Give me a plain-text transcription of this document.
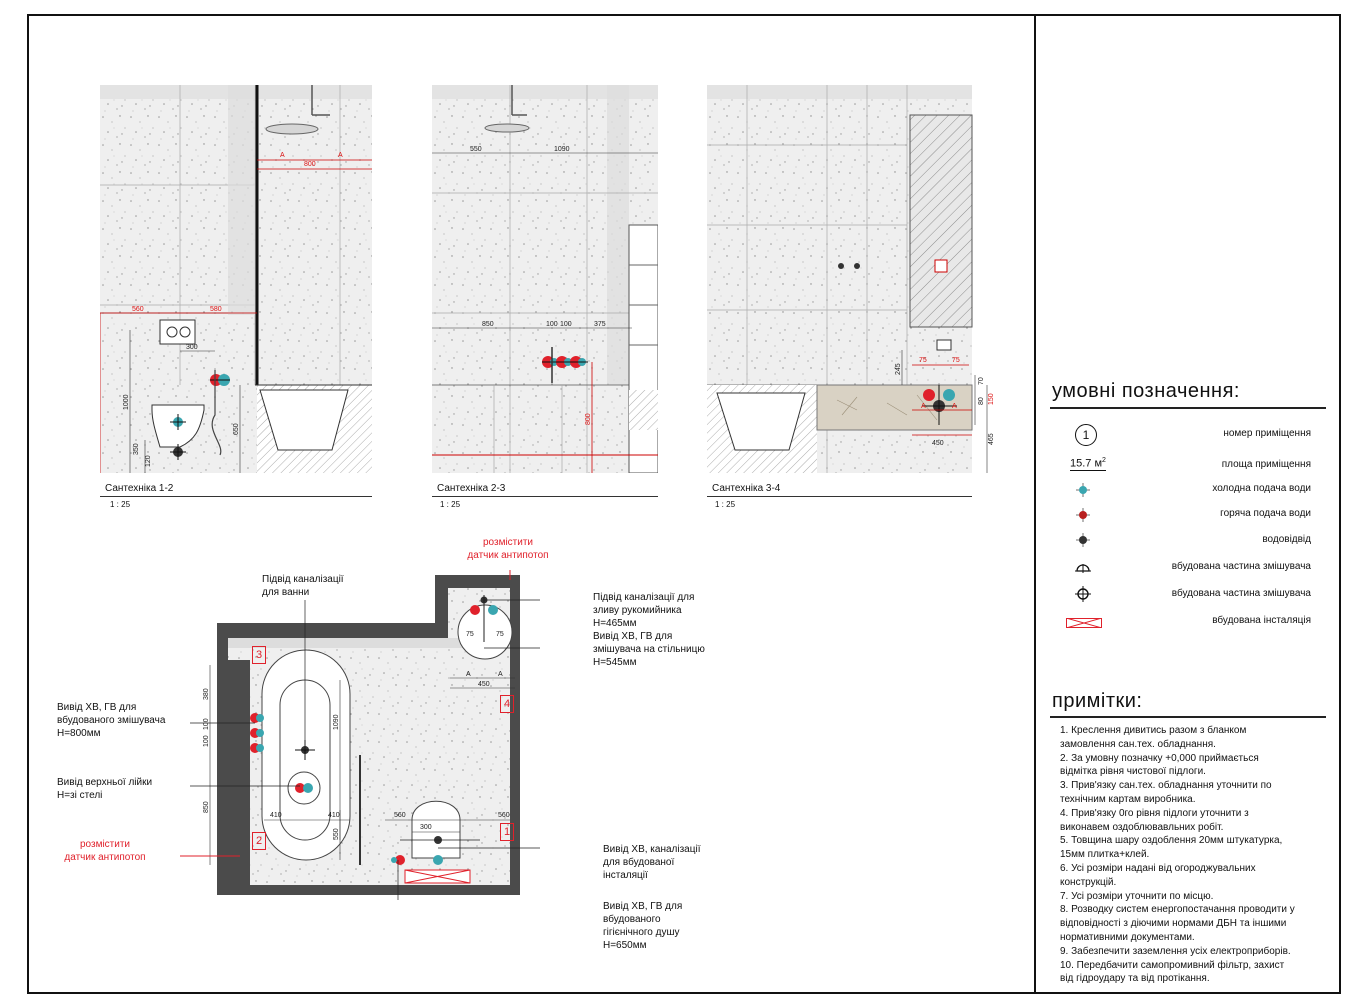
A	A
800
560	580
300
1000
350
120
650
Сантехніка 1-2
1 : 25
550	1090
850	100 100	375
800
Сантехніка 2-3
1 : 25
75	75
A	A
450
245
70
150
80
465
Сантехніка 3-4
1 : 25
380
100
100
850
1090
550
410	410	560	560
300
75	75
A	A
450
3
4
2
1
Підвід каналізації
для ванни
розмістити
датчик антипотоп
Підвід каналізації для
зливу рукомийника
Н=465мм
Вивід ХВ, ГВ для
змішувача на стільницю
Н=545мм
Вивід ХВ, ГВ для
вбудованого змішувача
Н=800мм
Вивід верхньої лійки
Н=зі стелі
розмістити
датчик антипотоп
Вивід ХВ, каналізації
для вбудованої
інсталяції
Вивід ХВ, ГВ для
вбудованого
гігієнічного душу
Н=650мм
умовні позначення:
1	номер приміщення
15.7 $м^2$	площа приміщення
холодна подача води
горяча подача води
водовідвід
вбудована частина змішувача
вбудована частина змішувача
вбудована інсталяція
примітки:
1. Креслення дивитись разом з бланком
замовлення сан.тех. обладнання.
2. За умовну позначку +0,000 приймається
відмітка рівня чистової підлоги.
3. Прив'язку сан.тех. обладнання уточнити по
технічним картам виробника.
4. Прив'язку 0го рівня підлоги уточнити з
виконавем оздоблювавльних робіт.
5. Товщина шару оздоблення 20мм штукатурка,
15мм плитка+клей.
6. Усі розміри надані від огороджувальних
конструкцій.
7. Усі розміри уточнити по місцю.
8. Розводку систем енергопостачання проводити у
відповідності з діючими нормами ДБН та іншими
нормативними документами.
9. Забезпечити заземлення усіх електроприборів.
10. Передбачити самопромивний фільтр, захист
від гідроудару та від протікання.
